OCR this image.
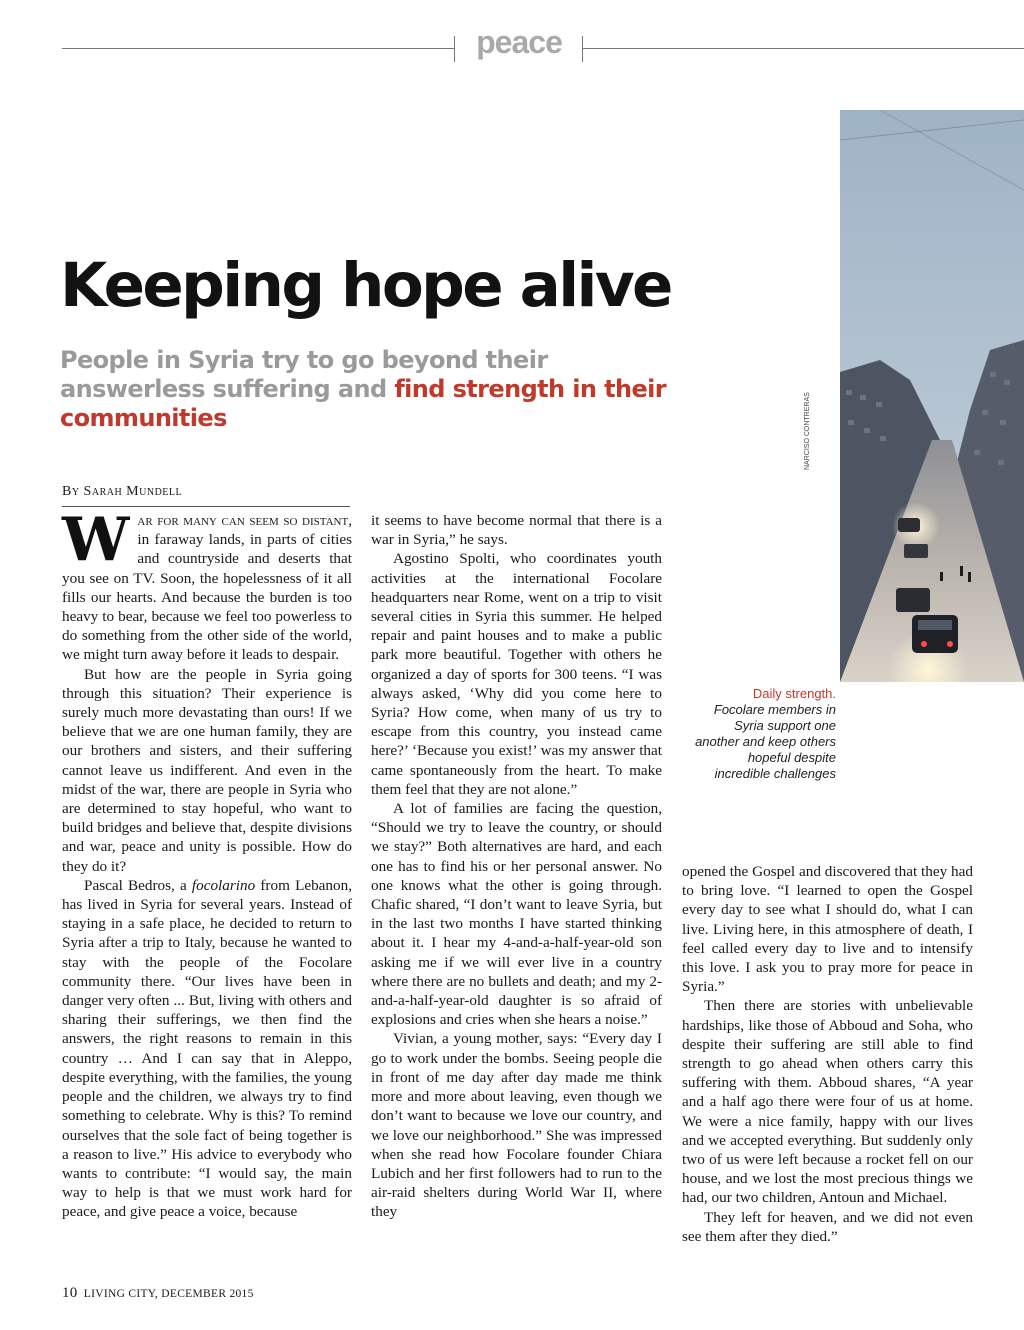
peace
Keeping hope alive
People in Syria try to go beyond their answerless suffering and find strength in their communities
By Sarah Mundell

War for many can seem so distant, in faraway lands, in parts of cities and countryside and deserts that you see on TV. Soon, the hopelessness of it all fills our hearts. And because the burden is too heavy to bear, because we feel too powerless to do something from the other side of the world, we might turn away before it leads to despair.

But how are the people in Syria going through this situation? Their experience is surely much more devastating than ours! If we believe that we are one human family, they are our brothers and sisters, and their suffering cannot leave us indifferent. And even in the midst of the war, there are people in Syria who are determined to stay hopeful, who want to build bridges and believe that, despite divisions and war, peace and unity is possible. How do they do it?

Pascal Bedros, a focolarino from Lebanon, has lived in Syria for several years. Instead of staying in a safe place, he decided to return to Syria after a trip to Italy, because he wanted to stay with the people of the Focolare community there. “Our lives have been in danger very often ... But, living with others and sharing their sufferings, we then find the answers, the right reasons to remain in this country … And I can say that in Aleppo, despite everything, with the families, the young people and the children, we always try to find something to celebrate. Why is this? To remind ourselves that the sole fact of being together is a reason to live.” His advice to everybody who wants to contribute: “I would say, the main way to help is that we must work hard for peace, and give peace a voice, because

it seems to have become normal that there is a war in Syria,” he says.

Agostino Spolti, who coordinates youth activities at the international Focolare headquarters near Rome, went on a trip to visit several cities in Syria this summer. He helped repair and paint houses and to make a public park more beautiful. Together with others he organized a day of sports for 300 teens. “I was always asked, ‘Why did you come here to Syria? How come, when many of us try to escape from this country, you instead came here?’ ‘Because you exist!’ was my answer that came spontaneously from the heart. To make them feel that they are not alone.”

A lot of families are facing the question, “Should we try to leave the country, or should we stay?” Both alternatives are hard, and each one has to find his or her personal answer. No one knows what the other is going through. Chafic shared, “I don’t want to leave Syria, but in the last two months I have started thinking about it. I hear my 4-and-a-half-year-old son asking me if we will ever live in a country where there are no bullets and death; and my 2-and-a-half-year-old daughter is so afraid of explosions and cries when she hears a noise.”

Vivian, a young mother, says: “Every day I go to work under the bombs. Seeing people die in front of me day after day made me think more and more about leaving, even though we don’t want to because we love our country, and we love our neighborhood.” She was impressed when she read how Focolare founder Chiara Lubich and her first followers had to run to the air-raid shelters during World War II, where they

NARCISO CONTRERAS
Daily strength.
Focolare members in Syria support one another and keep others hopeful despite incredible challenges

opened the Gospel and discovered that they had to bring love. “I learned to open the Gospel every day to see what I should do, what I can live. Living here, in this atmosphere of death, I feel called every day to live and to intensify this love. I ask you to pray more for peace in Syria.”

Then there are stories with unbelievable hardships, like those of Abboud and Soha, who despite their suffering are still able to find strength to go ahead when others carry this suffering with them. Abboud shares, “A year and a half ago there were four of us at home. We were a nice family, happy with our lives and we accepted everything. But suddenly only two of us were left because a rocket fell on our house, and we lost the most precious things we had, our two children, Antoun and Michael.

They left for heaven, and we did not even see them after they died.”

10 LIVING CITY, DECEMBER 2015
